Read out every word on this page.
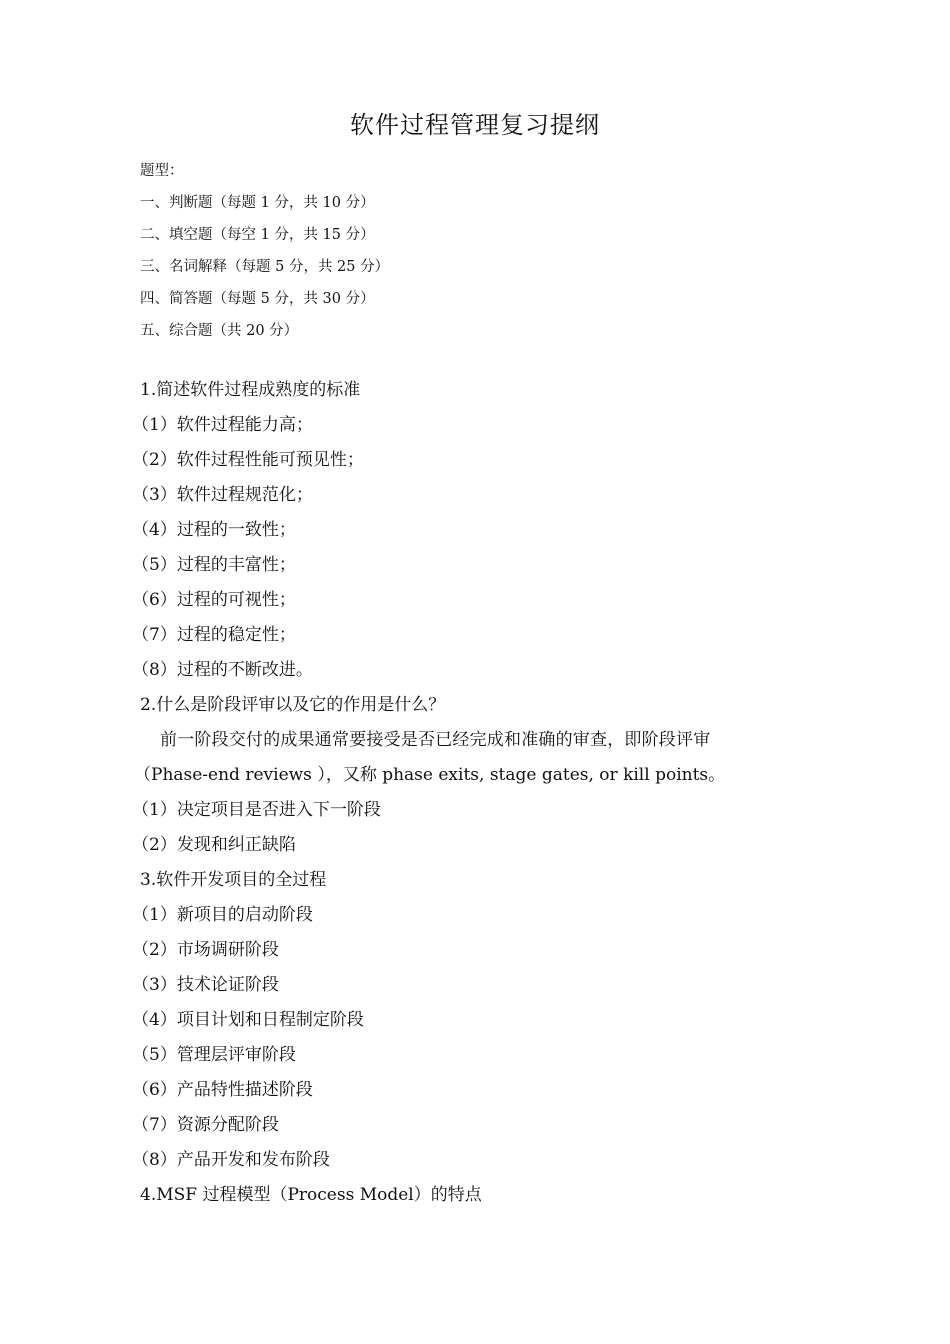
软件过程管理复习提纲
题型：
一、判断题（每题 1 分，共 10 分）
二、填空题（每空 1 分，共 15 分）
三、名词解释（每题 5 分，共 25 分）
四、简答题（每题 5 分，共 30 分）
五、综合题（共 20 分）
1.简述软件过程成熟度的标准
（1）软件过程能力高；
（2）软件过程性能可预见性；
（3）软件过程规范化；
（4）过程的一致性；
（5）过程的丰富性；
（6）过程的可视性；
（7）过程的稳定性；
（8）过程的不断改进。
2.什么是阶段评审以及它的作用是什么？
前一阶段交付的成果通常要接受是否已经完成和准确的审查，即阶段评审
（Phase-end reviews ），又称 phase exits, stage gates, or kill points。
（1）决定项目是否进入下一阶段
（2）发现和纠正缺陷
3.软件开发项目的全过程
（1）新项目的启动阶段
（2）市场调研阶段
（3）技术论证阶段
（4）项目计划和日程制定阶段
（5）管理层评审阶段
（6）产品特性描述阶段
（7）资源分配阶段
（8）产品开发和发布阶段
4.MSF 过程模型（Process Model）的特点
